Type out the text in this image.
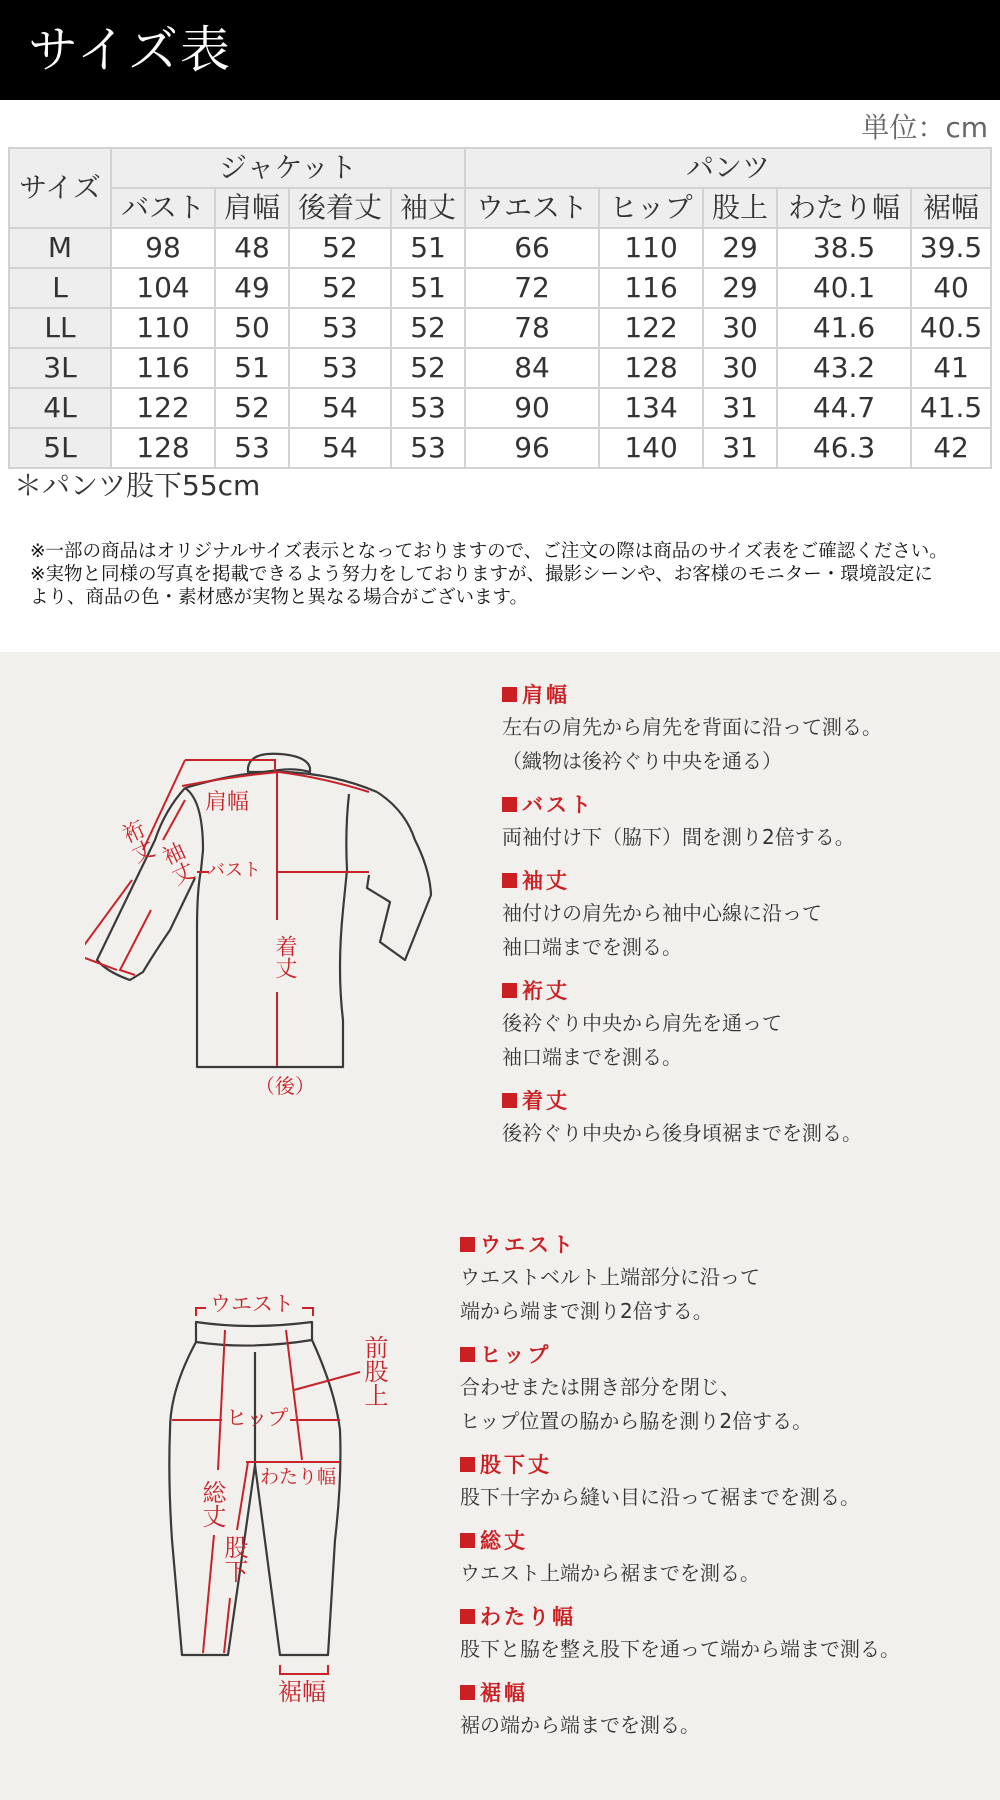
サイズ表
単位：cm
サイズ	ジャケット				パンツ				
	バスト	肩幅	後着丈	袖丈	ウエスト	ヒップ	股上	わたり幅	裾幅
M	98	48	52	51	66	110	29	38.5	39.5
L	104	49	52	51	72	116	29	40.1	40
LL	110	50	53	52	78	122	30	41.6	40.5
3L	116	51	53	52	84	128	30	43.2	41
4L	122	52	54	53	90	134	31	44.7	41.5
5L	128	53	54	53	96	140	31	46.3	42
＊パンツ股下55cm
※一部の商品はオリジナルサイズ表示となっておりますので、ご注文の際は商品のサイズ表をご確認ください。
※実物と同様の写真を掲載できるよう努力をしておりますが、撮影シーンや、お客様のモニター・環境設定に
より、商品の色・素材感が実物と異なる場合がございます。
肩幅
バスト
着丈
袖丈
裄丈
（後）
肩幅
左右の肩先から肩先を背面に沿って測る。
（織物は後衿ぐり中央を通る）
バスト
両袖付け下（脇下）間を測り2倍する。
袖丈
袖付けの肩先から袖中心線に沿って
袖口端までを測る。
裄丈
後衿ぐり中央から肩先を通って
袖口端までを測る。
着丈
後衿ぐり中央から後身頃裾までを測る。
ウエスト
前股上
ヒップ
わたり幅
総丈
股下
裾幅
ウエスト
ウエストベルト上端部分に沿って
端から端まで測り2倍する。
ヒップ
合わせまたは開き部分を閉じ、
ヒップ位置の脇から脇を測り2倍する。
股下丈
股下十字から縫い目に沿って裾までを測る。
総丈
ウエスト上端から裾までを測る。
わたり幅
股下と脇を整え股下を通って端から端まで測る。
裾幅
裾の端から端までを測る。
